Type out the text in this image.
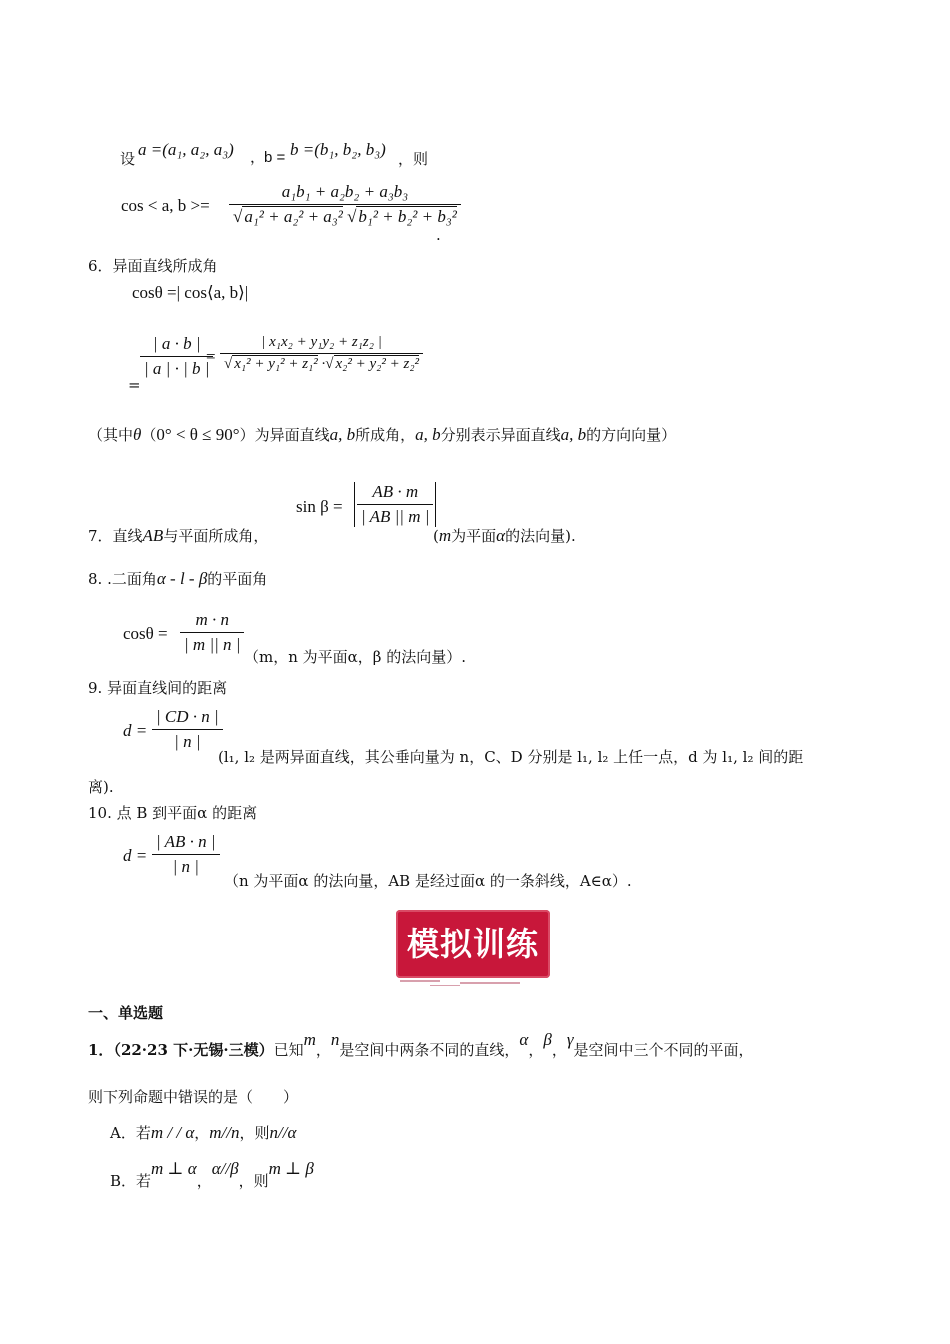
设 a =(a₁, a₂, a₃) ，
b = b =(b₁, b₂, b₃) ，则
cos < a, $b >= \frac{\text{a₁b₁ + a₂b₂ + a₃b₃}}{\text{√ a₁² + a₂² + a₃² √ b₁² + b₂² + b₃²}}$
.
6．异面直线所成角
cosθ =| cos⟨a, b⟩|
=
$\frac{| a \cdot b |}{| a | \cdot | b |}$
= $\frac{\text{| x₁x₂ + y₁y₂ + z₁z₂ |}}{\text{√ x₁² + y₁² + z₁² ·√ x₂² + y₂² + z₂²}}$
（其中θ（0° < θ ≤ 90°）为异面直线a, b所成角，a, b分别表示异面直线a, b的方向向量）
7．直线AB与平面所成角，
$\sin \beta = \frac{AB \cdot m}{| AB || m |}$
(m为平面α的法向量).
8. .二面角α - l - β的平面角
$\cos\theta = \frac{m \cdot n}{| m || n |}$
（m，n 为平面α，β 的法向量）.
9. 异面直线间的距离
$d = \frac{| CD \cdot n |}{| n |}$
(l₁, l₂ 是两异面直线，其公垂向量为 n，C、D 分别是 l₁, l₂ 上任一点，d 为 l₁, l₂ 间的距
离).
10. 点 B 到平面α 的距离
$d = \frac{| AB \cdot n |}{| n |}$
（n 为平面α 的法向量，AB 是经过面α 的一条斜线，A∈α）.
模拟训练
一、单选题
1．（22·23 下·无锡·三模）已知m，n是空间中两条不同的直线，α，β，γ是空间中三个不同的平面，
则下列命题中错误的是（　　）
A．若m / / α，m//n，则n//α
B．若m ⊥ α，α//β，则m ⊥ β
